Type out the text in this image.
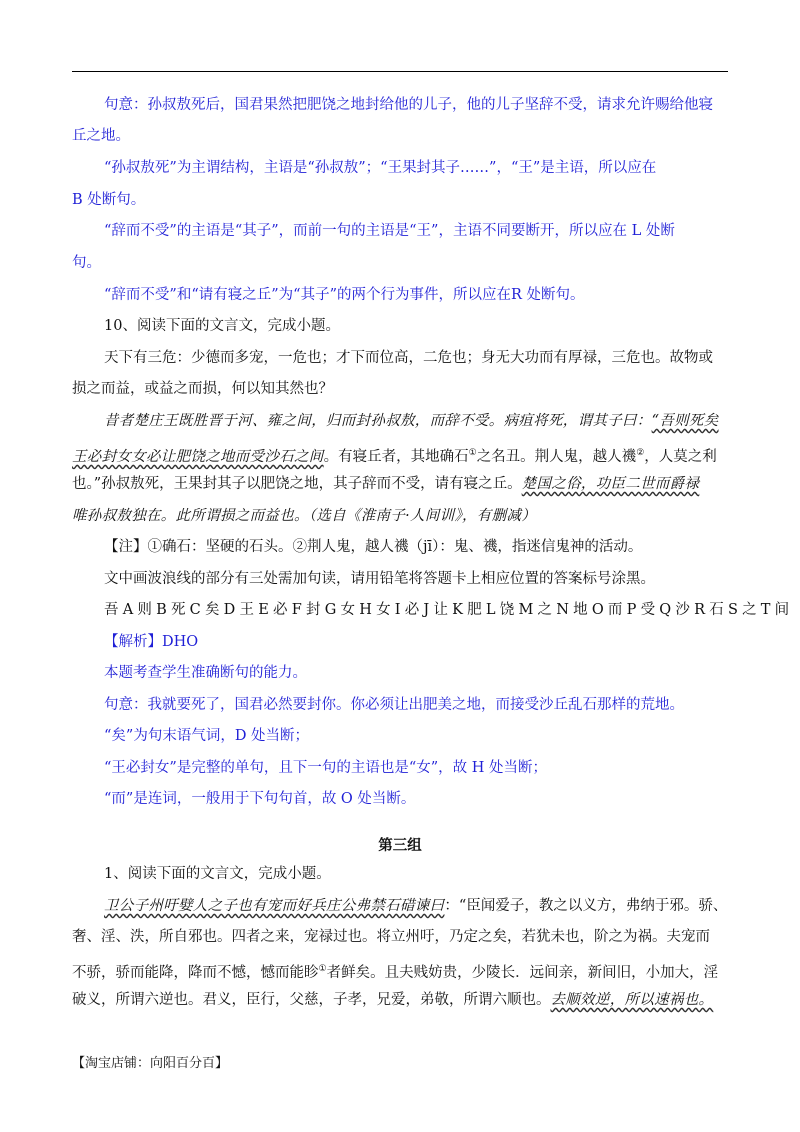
句意：孙叔敖死后，国君果然把肥饶之地封给他的儿子，他的儿子坚辞不受，请求允许赐给他寝
丘之地。
“孙叔敖死”为主谓结构，主语是“孙叔敖”；“王果封其子……”，“王”是主语，所以应在
B 处断句。
“辞而不受”的主语是“其子”，而前一句的主语是“王”，主语不同要断开，所以应在 L 处断
句。
“辞而不受”和“请有寝之丘”为“其子”的两个行为事件，所以应在R 处断句。
10、阅读下面的文言文，完成小题。
天下有三危：少德而多宠，一危也；才下而位高，二危也；身无大功而有厚禄，三危也。故物或
损之而益，或益之而损，何以知其然也？
昔者楚庄王既胜晋于河、雍之间，归而封孙叔敖，而辞不受。病疽将死，谓其子曰：“吾则死矣
王必封女女必让肥饶之地而受沙石之间。有寝丘者，其地确石①之名丑。荆人鬼，越人禨②，人莫之利
也。”孙叔敖死，王果封其子以肥饶之地，其子辞而不受，请有寝之丘。楚国之俗，功臣二世而爵禄
唯孙叔敖独在。此所谓损之而益也。（选自《淮南子·人间训》，有删减）
【注】①确石：坚硬的石头。②荆人鬼，越人禨（jī）：鬼、禨，指迷信鬼神的活动。
文中画波浪线的部分有三处需加句读，请用铅笔将答题卡上相应位置的答案标号涂黑。
吾 A 则 B 死 C 矣 D 王 E 必 F 封 G 女 H 女 I 必 J 让 K 肥 L 饶 M 之 N 地 O 而 P 受 Q 沙 R 石 S 之 T 间
【解析】DHO
本题考查学生准确断句的能力。
句意：我就要死了，国君必然要封你。你必须让出肥美之地，而接受沙丘乱石那样的荒地。
“矣”为句末语气词，D 处当断；
“王必封女”是完整的单句，且下一句的主语也是“女”，故 H 处当断；
“而”是连词，一般用于下句句首，故 O 处当断。
第三组
1、阅读下面的文言文，完成小题。
卫公子州吁嬖人之子也有宠而好兵庄公弗禁石碏谏曰：“臣闻爱子，教之以义方，弗纳于邪。骄、
奢、淫、泆，所自邪也。四者之来，宠禄过也。将立州吁，乃定之矣，若犹未也，阶之为祸。夫宠而
不骄，骄而能降，降而不憾，憾而能眕①者鲜矣。且夫贱妨贵，少陵长．远间亲，新间旧，小加大，淫
破义，所谓六逆也。君义，臣行，父慈，子孝，兄爱，弟敬，所谓六顺也。去顺效逆，所以速祸也。
【淘宝店铺：向阳百分百】
